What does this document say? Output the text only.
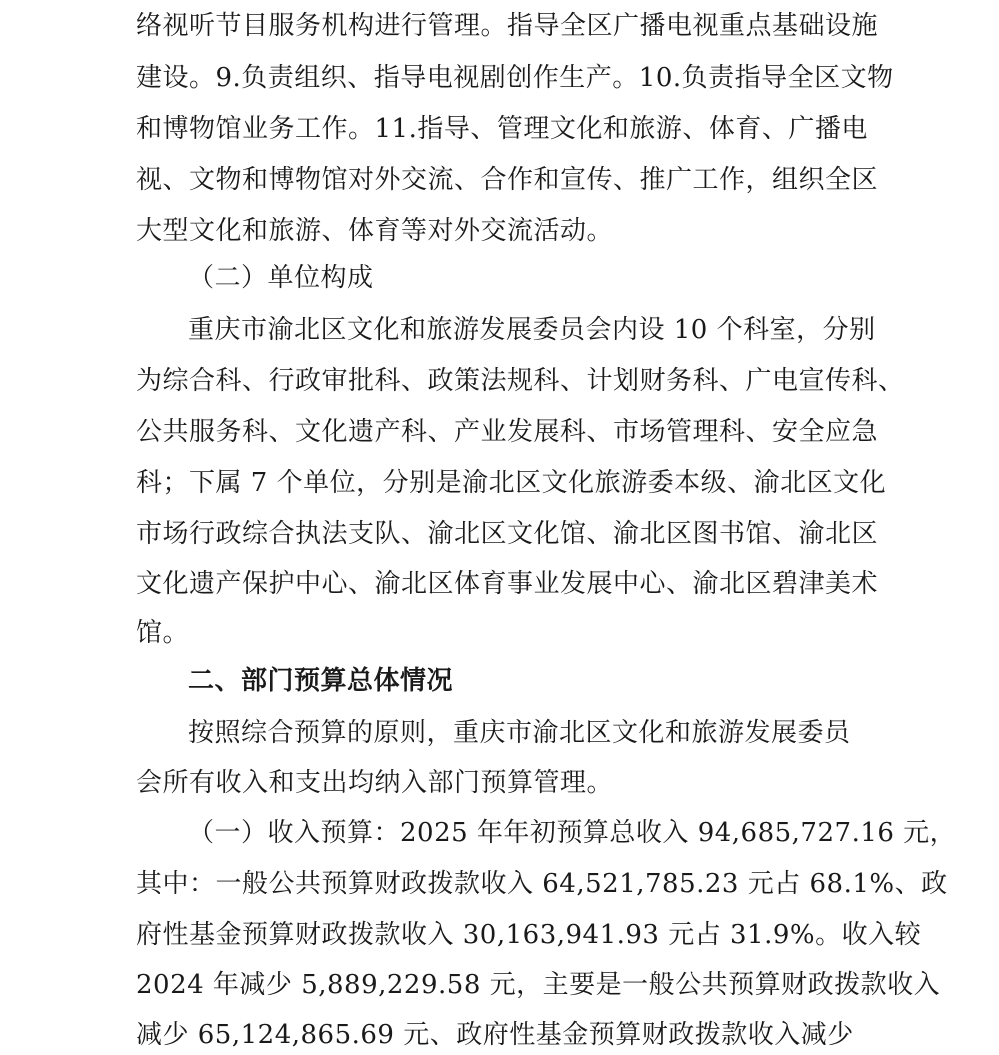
络视听节目服务机构进行管理。指导全区广播电视重点基础设施
建设。9.负责组织、指导电视剧创作生产。10.负责指导全区文物
和博物馆业务工作。11.指导、管理文化和旅游、体育、广播电
视、文物和博物馆对外交流、合作和宣传、推广工作，组织全区
大型文化和旅游、体育等对外交流活动。
（二）单位构成
重庆市渝北区文化和旅游发展委员会内设 10 个科室，分别
为综合科、行政审批科、政策法规科、计划财务科、广电宣传科、
公共服务科、文化遗产科、产业发展科、市场管理科、安全应急
科；下属 7 个单位，分别是渝北区文化旅游委本级、渝北区文化
市场行政综合执法支队、渝北区文化馆、渝北区图书馆、渝北区
文化遗产保护中心、渝北区体育事业发展中心、渝北区碧津美术
馆。
二、部门预算总体情况
按照综合预算的原则，重庆市渝北区文化和旅游发展委员
会所有收入和支出均纳入部门预算管理。
（一）收入预算：2025 年年初预算总收入 94,685,727.16 元，
其中：一般公共预算财政拨款收入 64,521,785.23 元占 68.1%、政
府性基金预算财政拨款收入 30,163,941.93 元占 31.9%。收入较
2024 年减少 5,889,229.58 元，主要是一般公共预算财政拨款收入
减少 65,124,865.69 元、政府性基金预算财政拨款收入减少
